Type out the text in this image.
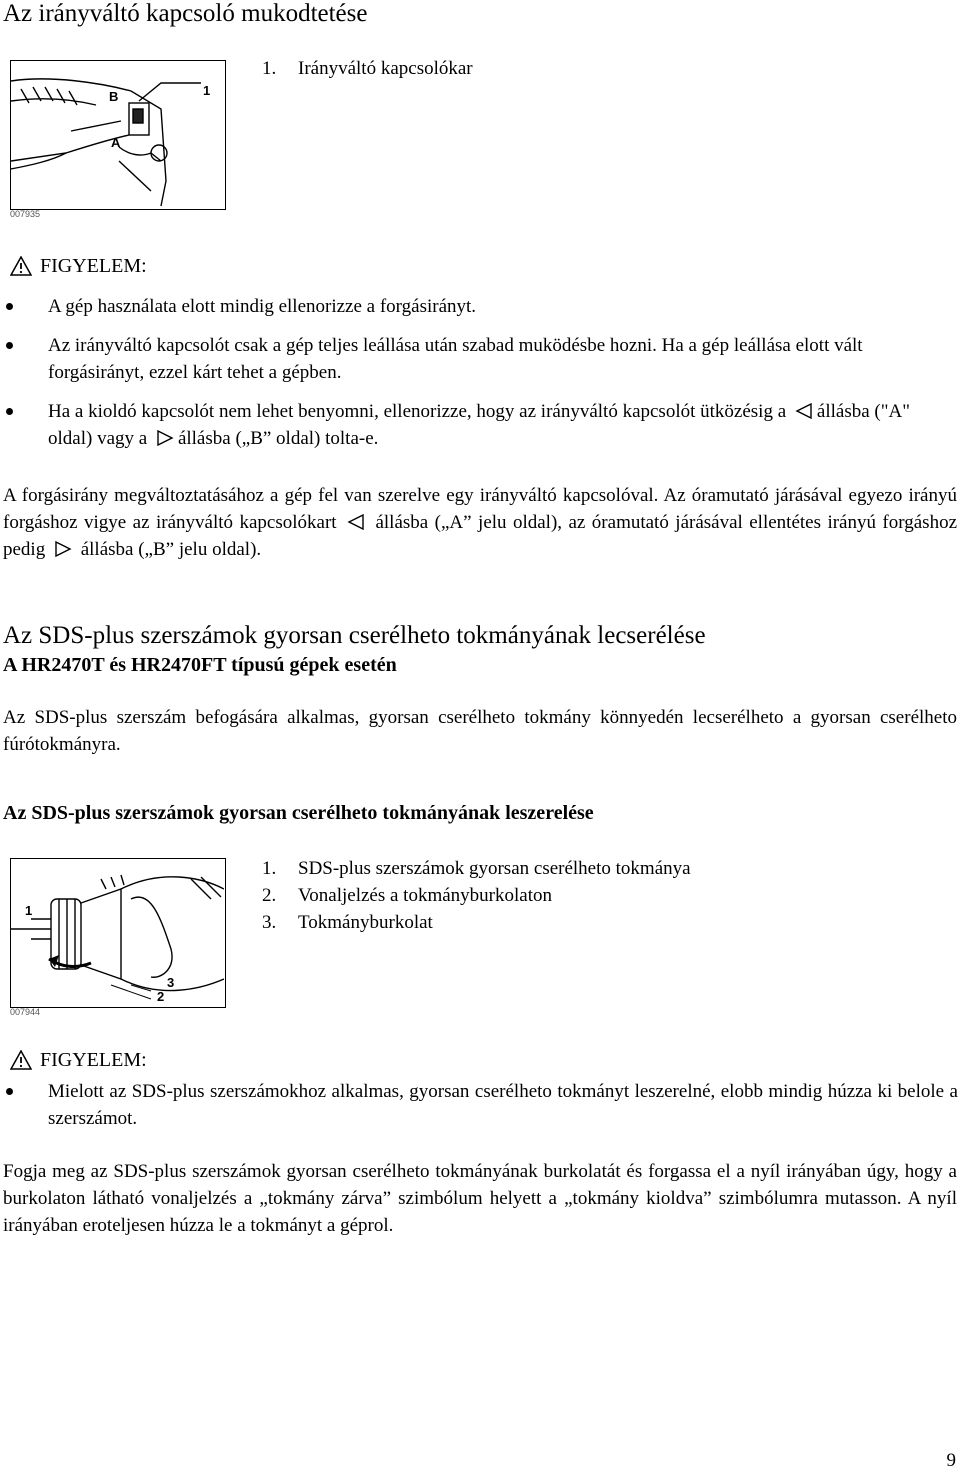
Az irányváltó kapcsoló mukodtetése
B	1
A
007935
1.	Irányváltó kapcsolókar
FIGYELEM:
A gép használata elott mindig ellenorizze a forgásirányt.
Az irányváltó kapcsolót csak a gép teljes leállása után szabad muködésbe hozni. Ha a gép leállása elott vált forgásirányt, ezzel kárt tehet a gépben.
Ha a kioldó kapcsolót nem lehet benyomni, ellenorizze, hogy az irányváltó kapcsolót ütközésig a állásba ("A" oldal) vagy a állásba („B” oldal) tolta-e.

A forgásirány megváltoztatásához a gép fel van szerelve egy irányváltó kapcsolóval. Az óramutató járásával egyezo irányú forgáshoz vigye az irányváltó kapcsolókart állásba („A” jelu oldal), az óramutató járásával ellentétes irányú forgáshoz pedig állásba („B” jelu oldal).

Az SDS-plus szerszámok gyorsan cserélheto tokmányának lecserélése
A HR2470T és HR2470FT típusú gépek esetén

Az SDS-plus szerszám befogására alkalmas, gyorsan cserélheto tokmány könnyedén lecserélheto a gyorsan cserélheto fúrótokmányra.

Az SDS-plus szerszámok gyorsan cserélheto tokmányának leszerelése
1
3
2
007944
1.	SDS-plus szerszámok gyorsan cserélheto tokmánya
2.	Vonaljelzés a tokmányburkolaton
3.	Tokmányburkolat
FIGYELEM:
Mielott az SDS-plus szerszámokhoz alkalmas, gyorsan cserélheto tokmányt leszerelné, elobb mindig húzza ki belole a szerszámot.

Fogja meg az SDS-plus szerszámok gyorsan cserélheto tokmányának burkolatát és forgassa el a nyíl irányában úgy, hogy a burkolaton látható vonaljelzés a „tokmány zárva” szimbólum helyett a „tokmány kioldva” szimbólumra mutasson. A nyíl irányában eroteljesen húzza le a tokmányt a géprol.

9
